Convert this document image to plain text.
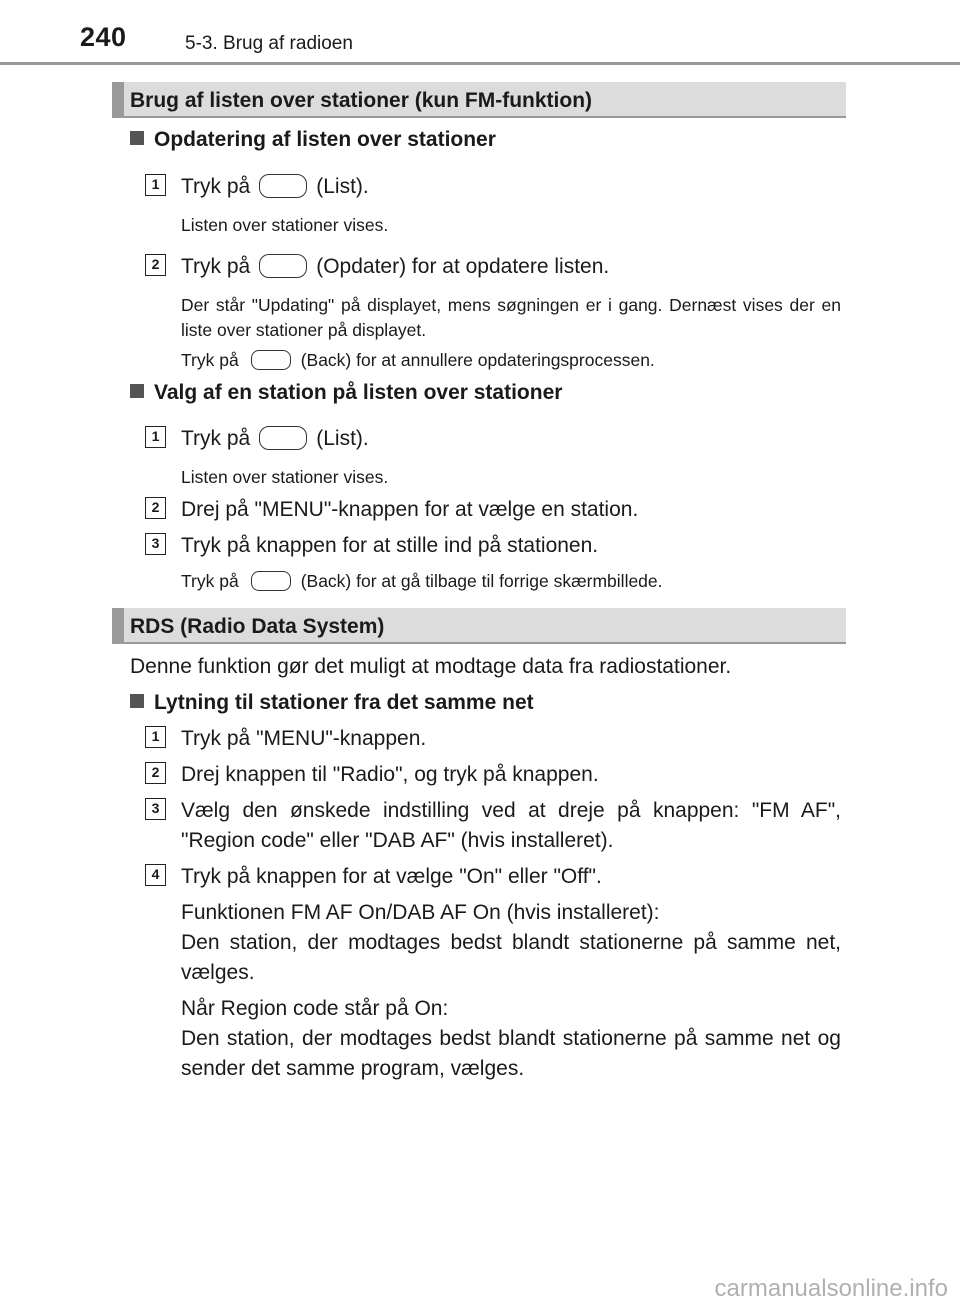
240	5-3. Brug af radioen
Brug af listen over stationer (kun FM-funktion)
Opdatering af listen over stationer
1	Tryk på	(List).
Listen over stationer vises.
2	Tryk på	(Opdater) for at opdatere listen.
Der står "Updating" på displayet, mens søgningen er i gang. Dernæst vises der en liste over stationer på displayet.
Tryk på	(Back) for at annullere opdateringsprocessen.
Valg af en station på listen over stationer
1	Tryk på	(List).
Listen over stationer vises.
2	Drej på "MENU"-knappen for at vælge en station.
3	Tryk på knappen for at stille ind på stationen.
Tryk på	(Back) for at gå tilbage til forrige skærmbillede.
RDS (Radio Data System)
Denne funktion gør det muligt at modtage data fra radiostationer.
Lytning til stationer fra det samme net
1	Tryk på "MENU"-knappen.
2	Drej knappen til "Radio", og tryk på knappen.
3	Vælg den ønskede indstilling ved at dreje på knappen: "FM AF", "Region code" eller "DAB AF" (hvis installeret).
4	Tryk på knappen for at vælge "On" eller "Off".
Funktionen FM AF On/DAB AF On (hvis installeret):

Den station, der modtages bedst blandt stationerne på samme net, vælges.

Når Region code står på On:

Den station, der modtages bedst blandt stationerne på samme net og sender det samme program, vælges.

carmanualsonline.info
